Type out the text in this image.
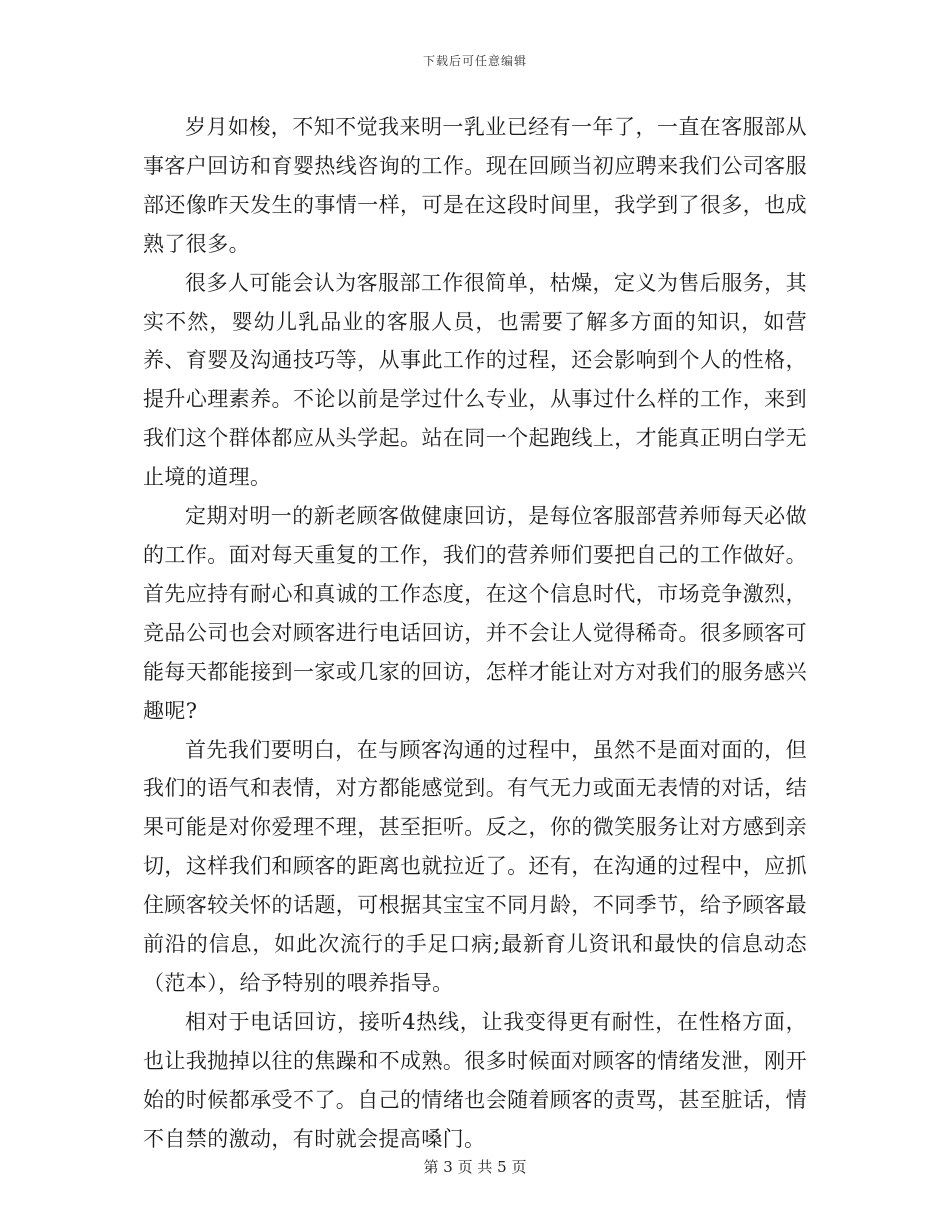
下载后可任意编辑

岁月如梭，不知不觉我来明一乳业已经有一年了，一直在客服部从事客户回访和育婴热线咨询的工作。现在回顾当初应聘来我们公司客服部还像昨天发生的事情一样，可是在这段时间里，我学到了很多，也成熟了很多。

很多人可能会认为客服部工作很简单，枯燥，定义为售后服务，其实不然，婴幼儿乳品业的客服人员，也需要了解多方面的知识，如营养、育婴及沟通技巧等，从事此工作的过程，还会影响到个人的性格，提升心理素养。不论以前是学过什么专业，从事过什么样的工作，来到我们这个群体都应从头学起。站在同一个起跑线上，才能真正明白学无止境的道理。

定期对明一的新老顾客做健康回访，是每位客服部营养师每天必做的工作。面对每天重复的工作，我们的营养师们要把自己的工作做好。首先应持有耐心和真诚的工作态度，在这个信息时代，市场竞争激烈，竞品公司也会对顾客进行电话回访，并不会让人觉得稀奇。很多顾客可能每天都能接到一家或几家的回访，怎样才能让对方对我们的服务感兴趣呢?

首先我们要明白，在与顾客沟通的过程中，虽然不是面对面的，但我们的语气和表情，对方都能感觉到。有气无力或面无表情的对话，结果可能是对你爱理不理，甚至拒听。反之，你的微笑服务让对方感到亲切，这样我们和顾客的距离也就拉近了。还有，在沟通的过程中，应抓住顾客较关怀的话题，可根据其宝宝不同月龄，不同季节，给予顾客最前沿的信息，如此次流行的手足口病;最新育儿资讯和最快的信息动态（范本），给予特别的喂养指导。

相对于电话回访，接听4热线，让我变得更有耐性，在性格方面，也让我抛掉以往的焦躁和不成熟。很多时候面对顾客的情绪发泄，刚开始的时候都承受不了。自己的情绪也会随着顾客的责骂，甚至脏话，情不自禁的激动，有时就会提高嗓门。

第 3 页 共 5 页
